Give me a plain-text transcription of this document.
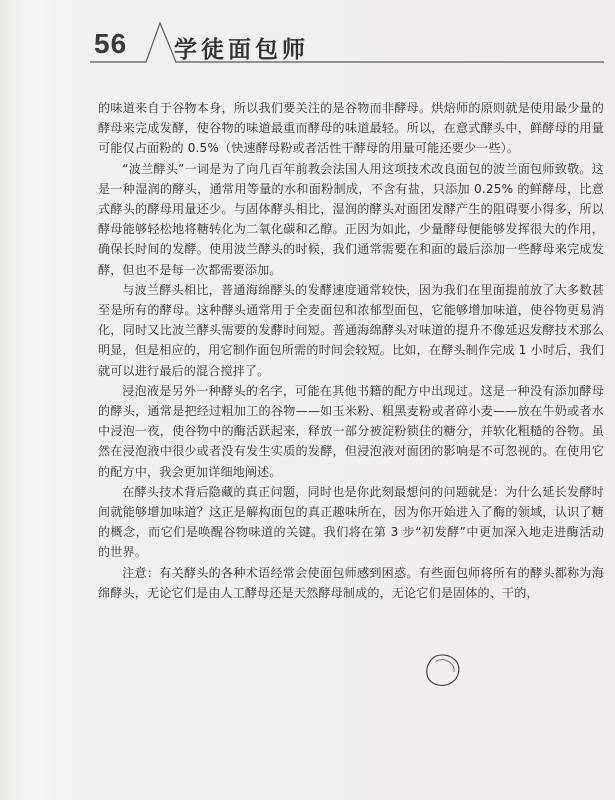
56 学徒面包师

的味道来自于谷物本身，所以我们要关注的是谷物而非酵母。烘焙师的原则就是使用最少量的酵母来完成发酵，使谷物的味道最重而酵母的味道最轻。所以，在意式酵头中，鲜酵母的用量可能仅占面粉的 0.5%（快速酵母粉或者活性干酵母的用量可能还要少一些）。

“波兰酵头”一词是为了向几百年前教会法国人用这项技术改良面包的波兰面包师致敬。这是一种湿润的酵头，通常用等量的水和面粉制成，不含有盐，只添加 0.25% 的鲜酵母，比意式酵头的酵母用量还少。与固体酵头相比，湿润的酵头对面团发酵产生的阻碍要小得多，所以酵母能够轻松地将糖转化为二氧化碳和乙醇。正因为如此，少量酵母便能够发挥很大的作用，确保长时间的发酵。使用波兰酵头的时候，我们通常需要在和面的最后添加一些酵母来完成发酵，但也不是每一次都需要添加。

与波兰酵头相比，普通海绵酵头的发酵速度通常较快，因为我们在里面提前放了大多数甚至是所有的酵母。这种酵头通常用于全麦面包和浓郁型面包，它能够增加味道，使谷物更易消化，同时又比波兰酵头需要的发酵时间短。普通海绵酵头对味道的提升不像延迟发酵技术那么明显，但是相应的，用它制作面包所需的时间会较短。比如，在酵头制作完成 1 小时后，我们就可以进行最后的混合搅拌了。

浸泡液是另外一种酵头的名字，可能在其他书籍的配方中出现过。这是一种没有添加酵母的酵头，通常是把经过粗加工的谷物——如玉米粉、粗黑麦粉或者碎小麦——放在牛奶或者水中浸泡一夜，使谷物中的酶活跃起来，释放一部分被淀粉锁住的糖分，并软化粗糙的谷物。虽然在浸泡液中很少或者没有发生实质的发酵，但浸泡液对面团的影响是不可忽视的。在使用它的配方中，我会更加详细地阐述。

在酵头技术背后隐藏的真正问题，同时也是你此刻最想问的问题就是：为什么延长发酵时间就能够增加味道？这正是解构面包的真正趣味所在，因为你开始进入了酶的领域，认识了糖的概念，而它们是唤醒谷物味道的关键。我们将在第 3 步“初发酵”中更加深入地走进酶活动的世界。

注意：有关酵头的各种术语经常会使面包师感到困惑。有些面包师将所有的酵头都称为海绵酵头，无论它们是由人工酵母还是天然酵母制成的，无论它们是固体的、干的，
